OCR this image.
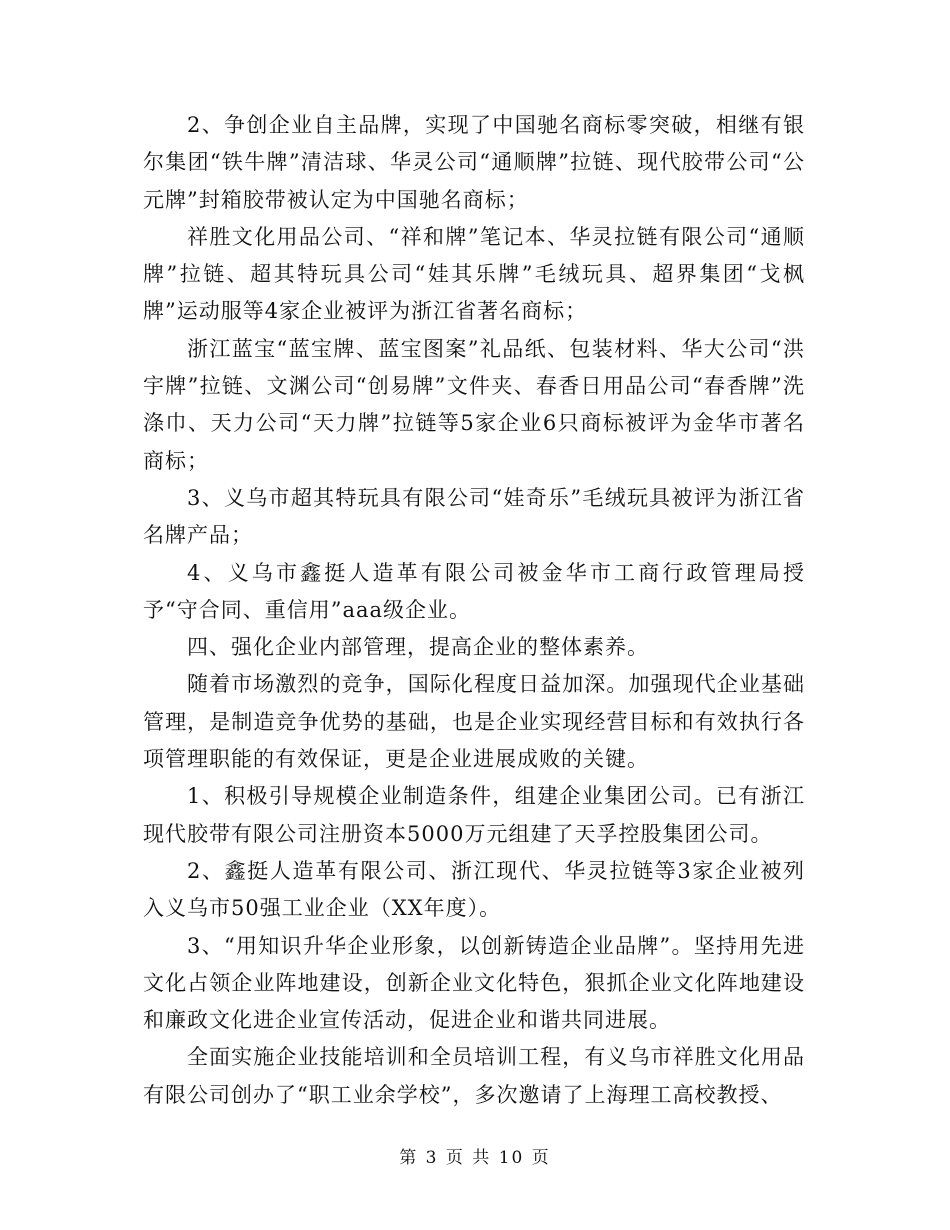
2、争创企业自主品牌，实现了中国驰名商标零突破，相继有银尔集团“铁牛牌”清洁球、华灵公司“通顺牌”拉链、现代胶带公司“公元牌”封箱胶带被认定为中国驰名商标；

祥胜文化用品公司、“祥和牌”笔记本、华灵拉链有限公司“通顺牌”拉链、超其特玩具公司“娃其乐牌”毛绒玩具、超界集团“戈枫牌”运动服等4家企业被评为浙江省著名商标；

浙江蓝宝“蓝宝牌、蓝宝图案”礼品纸、包装材料、华大公司“洪宇牌”拉链、文渊公司“创易牌”文件夹、春香日用品公司“春香牌”洗涤巾、天力公司“天力牌”拉链等5家企业6只商标被评为金华市著名商标；

3、义乌市超其特玩具有限公司“娃奇乐”毛绒玩具被评为浙江省名牌产品；

4、义乌市鑫挺人造革有限公司被金华市工商行政管理局授予“守合同、重信用”aaa级企业。

四、强化企业内部管理，提高企业的整体素养。

随着市场激烈的竞争，国际化程度日益加深。加强现代企业基础管理，是制造竞争优势的基础，也是企业实现经营目标和有效执行各项管理职能的有效保证，更是企业进展成败的关键。

1、积极引导规模企业制造条件，组建企业集团公司。已有浙江现代胶带有限公司注册资本5000万元组建了天孚控股集团公司。

2、鑫挺人造革有限公司、浙江现代、华灵拉链等3家企业被列入义乌市50强工业企业（XX年度）。

3、“用知识升华企业形象，以创新铸造企业品牌”。坚持用先进文化占领企业阵地建设，创新企业文化特色，狠抓企业文化阵地建设和廉政文化进企业宣传活动，促进企业和谐共同进展。

全面实施企业技能培训和全员培训工程，有义乌市祥胜文化用品有限公司创办了“职工业余学校”，多次邀请了上海理工高校教授、

第 3 页 共 10 页
